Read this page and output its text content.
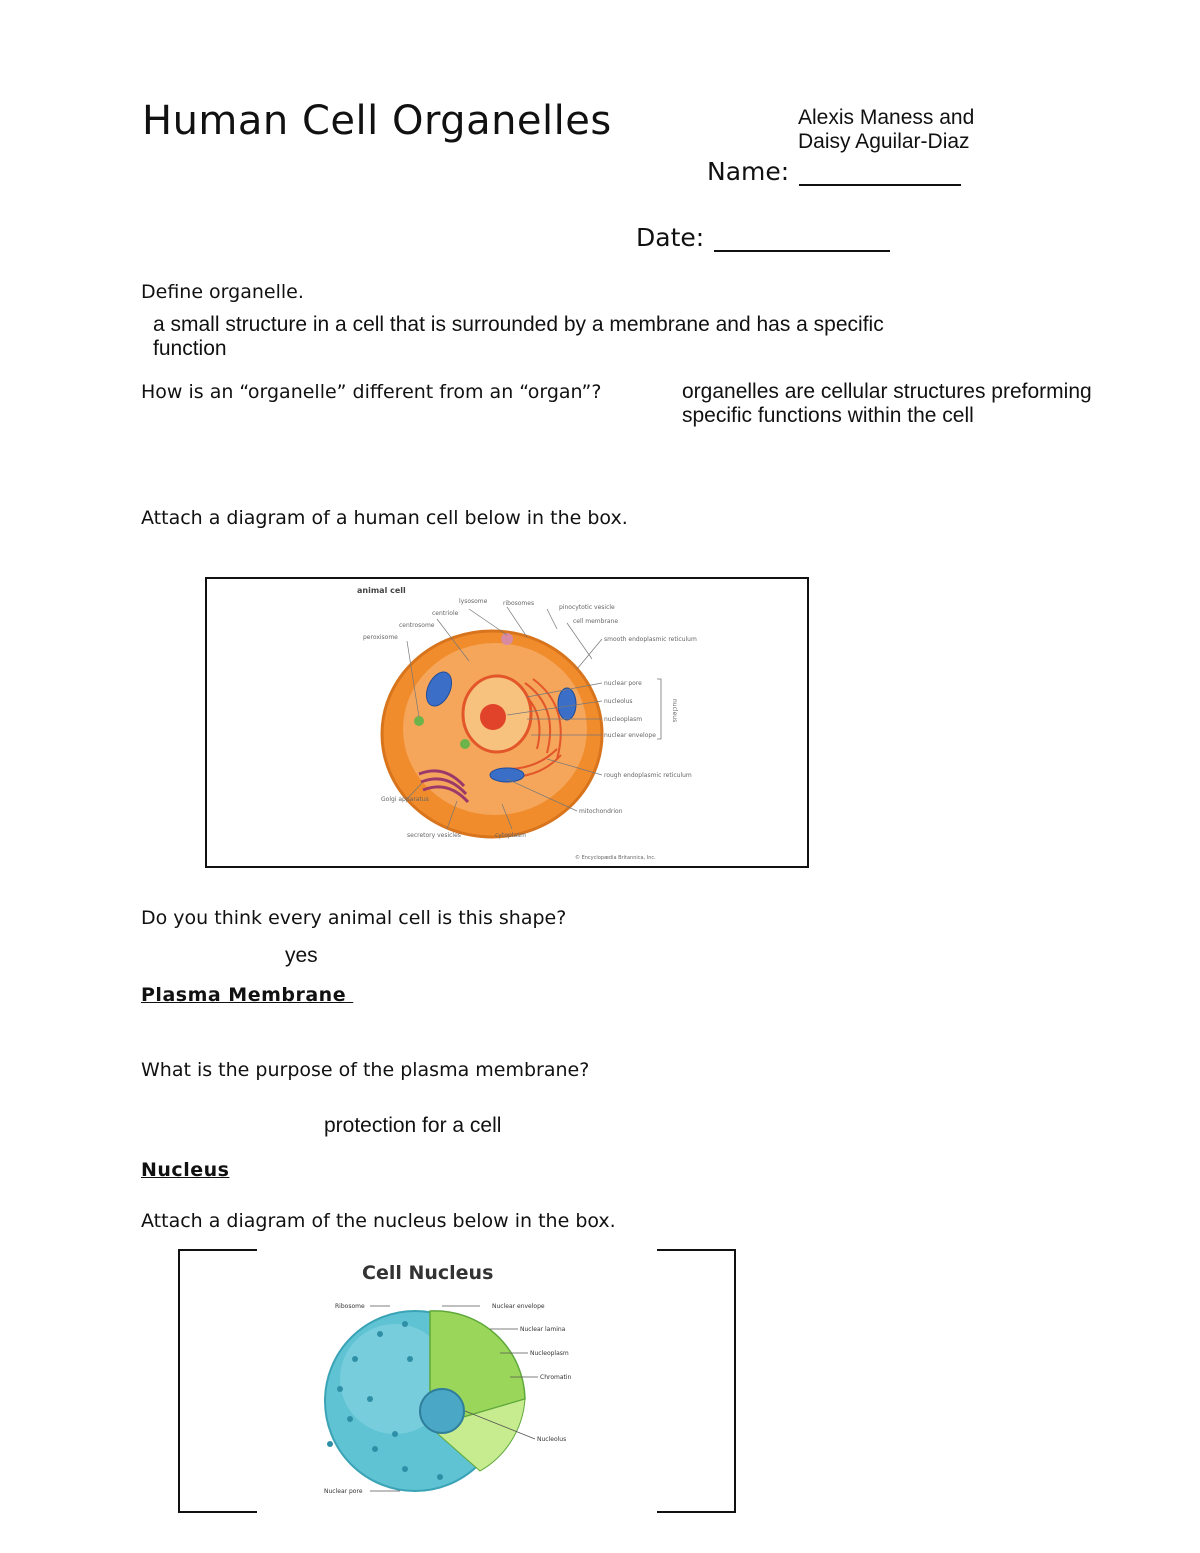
Human Cell Organelles	Alexis Maness and
Daisy Aguilar-Diaz
Name:
Date:
Define organelle.
a small structure in a cell that is surrounded by a membrane and has a specific
function
How is an “organelle” different from an “organ”?	organelles are cellular structures preforming
specific functions within the cell
Attach a diagram of a human cell below in the box.
animal cell
peroxisome
centriole
centrosome
Golgi apparatus
lysosome	ribosomes
pinocytotic vesicle
cell membrane
smooth endoplasmic reticulum
nuclear pore
nucleolus
nucleoplasm
nuclear envelope
rough endoplasmic reticulum
mitochondrion
secretory vesicles	cytoplasm
nucleus
© Encyclopædia Britannica, Inc.
Do you think every animal cell is this shape?
yes
Plasma Membrane
What is the purpose of the plasma membrane?
protection for a cell
Nucleus
Attach a diagram of the nucleus below in the box.
Cell Nucleus
Ribosome	Nuclear envelope
Nuclear lamina
Nucleoplasm
Chromatin
Nucleolus
Nuclear pore
